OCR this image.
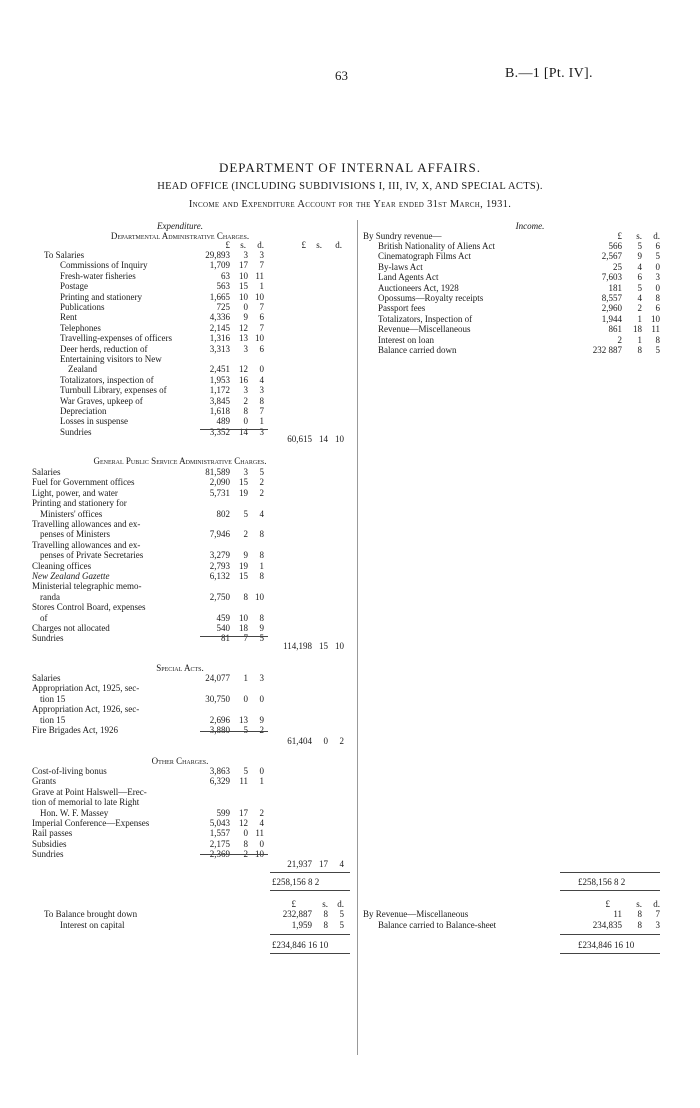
63	B.—1 [Pt. IV].
DEPARTMENT OF INTERNAL AFFAIRS.
HEAD OFFICE (INCLUDING SUBDIVISIONS I, III, IV, X, AND SPECIAL ACTS).
Income and Expenditure Account for the Year ended 31st March, 1931.
Expenditure.
£	s.	d.	£	s.	d.
Departmental Administrative Charges.
To Salaries	29,893	3	3
Commissions of Inquiry	1,709	17	7
Fresh-water fisheries	63	10 11
Postage	563	15	1
Printing and stationery	1,665	10 10
Publications	725	0	7
Rent	4,336	9	6
Telephones	2,145	12	7
Travelling-expenses of officers	1,316	13 10
Deer herds, reduction of	3,313	3	6
Entertaining visitors to New
Zealand	2,451	12	0
Totalizators, inspection of	1,953	16	4
Turnbull Library, expenses of	1,172	3	3
War Graves, upkeep of	3,845	2	8
Depreciation	1,618	8	7
Losses in suspense	489	0	1
Sundries	3,352	14	3
60,615 14 10
General Public Service Administrative Charges.
Salaries	81,589	3	5
Fuel for Government offices	2,090	15	2
Light, power, and water	5,731	19	2
Printing and stationery for
Ministers' offices	802	5	4
Travelling allowances and ex-
penses of Ministers	7,946	2	8
Travelling allowances and ex-
penses of Private Secretaries	3,279	9	8
Cleaning offices	2,793	19	1
New Zealand Gazette	6,132	15	8
Ministerial telegraphic memo-
randa	2,750	8 10
Stores Control Board, expenses
of	459	10	8
Charges not allocated	540	18	9
Sundries	81	7	5
114,198 15 10
Special Acts.
Salaries	24,077	1	3
Appropriation Act, 1925, sec-
tion 15	30,750	0	0
Appropriation Act, 1926, sec-
tion 15	2,696	13	9
Fire Brigades Act, 1926	3,880	5	2
61,404	0	2
Other Charges.
Cost-of-living bonus	3,863	5	0
Grants	6,329	11	1
Grave at Point Halswell—Erec-
tion of memorial to late Right
Hon. W. F. Massey	599	17	2
Imperial Conference—Expenses	5,043	12	4
Rail passes	1,557	0 11
Subsidies	2,175	8	0
Sundries	2,369	2 10
21,937 17	4
£258,156 8 2
Income.
£	s.	d.
By Sundry revenue—
British Nationality of Aliens Act	566	5	6
Cinematograph Films Act	2,567	9	5
By-laws Act	25	4	0
Land Agents Act	7,603	6	3
Auctioneers Act, 1928	181	5	0
Opossums—Royalty receipts	8,557	4	8
Passport fees	2,960	2	6
Totalizators, Inspection of	1,944	1	10
Revenue—Miscellaneous	861	18	11
Interest on loan	2	1	8
Balance carried down	232 887	8	5
£258,156 8 2
£	s.	d.
To Balance brought down	232,887	8	5
Interest on capital	1,959	8	5
£234,846 16 10
£	s.	d.
By Revenue—Miscellaneous	11	8	7
Balance carried to Balance-sheet	234,835	8	3
£234,846 16 10
